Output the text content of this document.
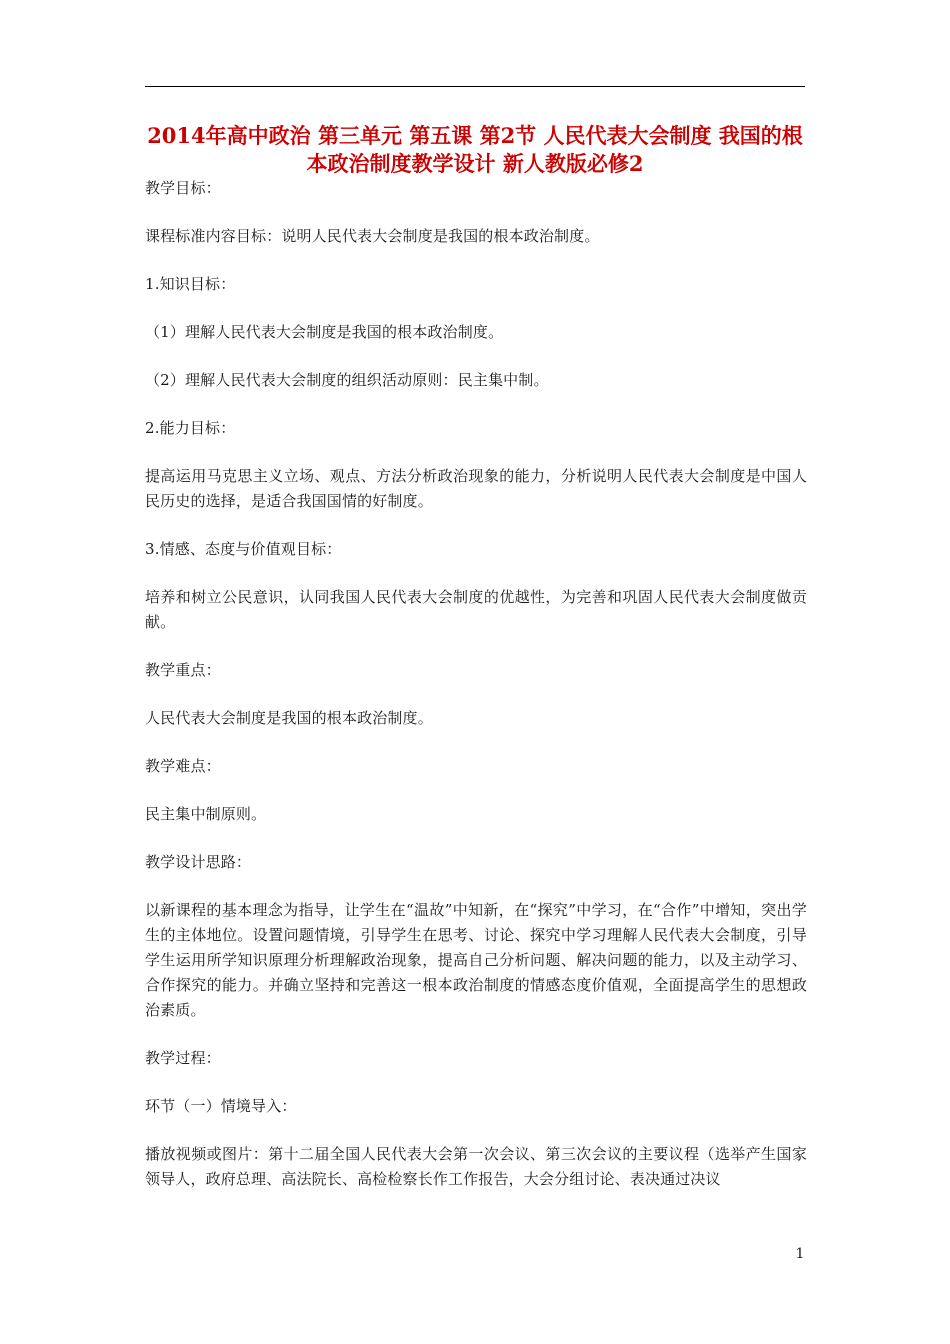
2014年高中政治 第三单元 第五课 第2节 人民代表大会制度 我国的根本政治制度教学设计 新人教版必修2

教学目标：

课程标准内容目标：说明人民代表大会制度是我国的根本政治制度。

1.知识目标：

（1）理解人民代表大会制度是我国的根本政治制度。

（2）理解人民代表大会制度的组织活动原则：民主集中制。

2.能力目标：

提高运用马克思主义立场、观点、方法分析政治现象的能力，分析说明人民代表大会制度是中国人民历史的选择，是适合我国国情的好制度。

3.情感、态度与价值观目标：

培养和树立公民意识，认同我国人民代表大会制度的优越性，为完善和巩固人民代表大会制度做贡献。

教学重点：

人民代表大会制度是我国的根本政治制度。

教学难点：

民主集中制原则。

教学设计思路：

以新课程的基本理念为指导，让学生在“温故”中知新，在“探究”中学习，在“合作”中增知，突出学生的主体地位。设置问题情境，引导学生在思考、讨论、探究中学习理解人民代表大会制度，引导学生运用所学知识原理分析理解政治现象，提高自己分析问题、解决问题的能力，以及主动学习、合作探究的能力。并确立坚持和完善这一根本政治制度的情感态度价值观，全面提高学生的思想政治素质。

教学过程：

环节（一）情境导入：

播放视频或图片：第十二届全国人民代表大会第一次会议、第三次会议的主要议程（选举产生国家领导人，政府总理、高法院长、高检检察长作工作报告，大会分组讨论、表决通过决议

1
